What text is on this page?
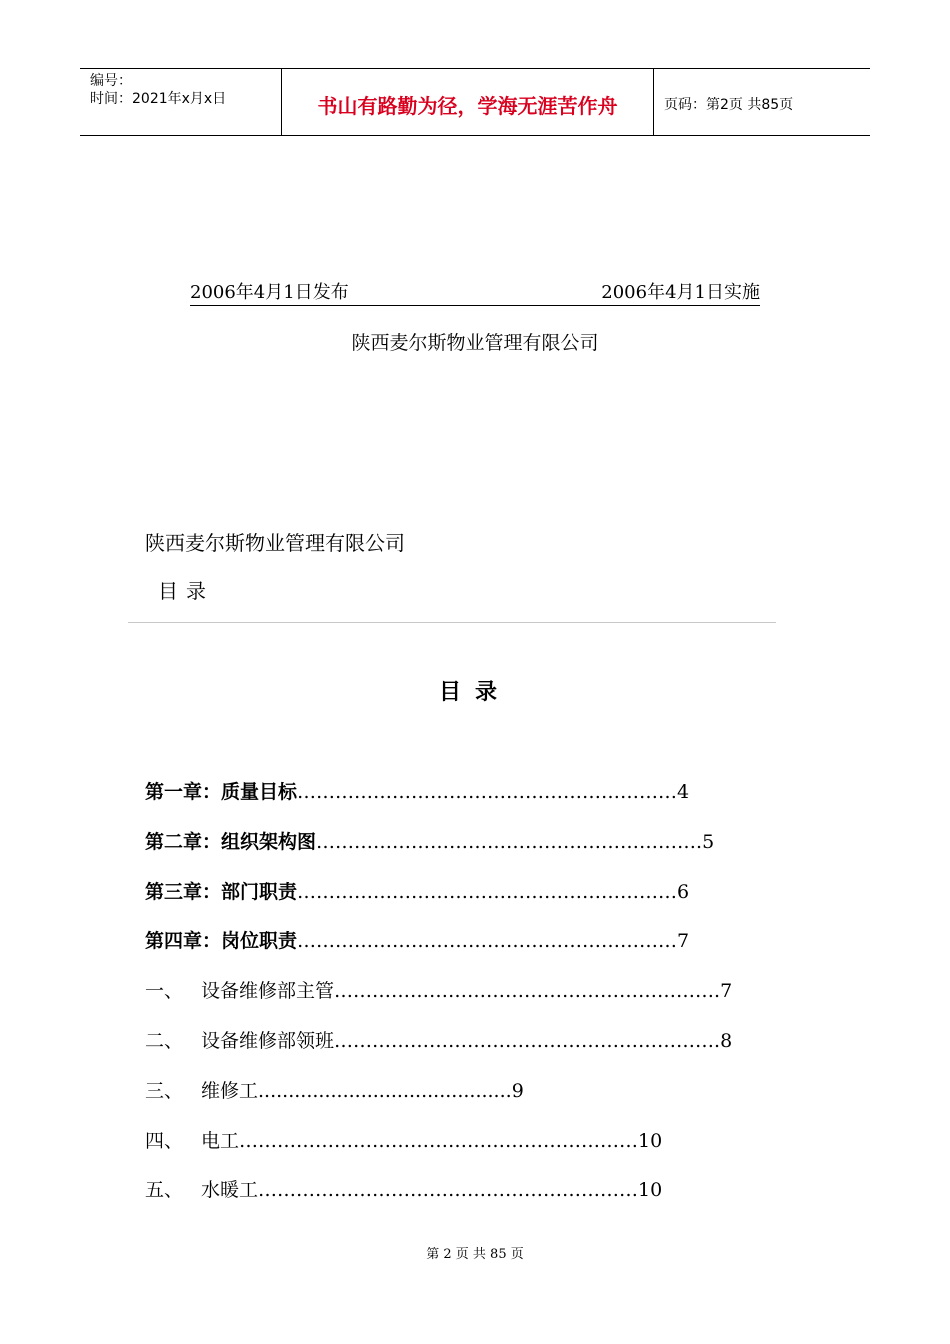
编号：
时间：2021年x月x日	书山有路勤为径，学海无涯苦作舟	页码：第2页 共85页
2006年4月1日发布	2006年4月1日实施
陕西麦尔斯物业管理有限公司
陕西麦尔斯物业管理有限公司
目录
目录
第一章：质量目标……………………………………………………4
第二章：组织架构图…………………………………………………….5
第三章：部门职责……………………………………………………6
第四章：岗位职责……………………………………………………7
一、 设备维修部主管…………………………………………………….7
二、 设备维修部领班…………………………………………………….8
三、 维修工..........................................9
四、 电工………………………………………………………10
五、 水暖工……………………………………………………10
第 2 页 共 85 页
